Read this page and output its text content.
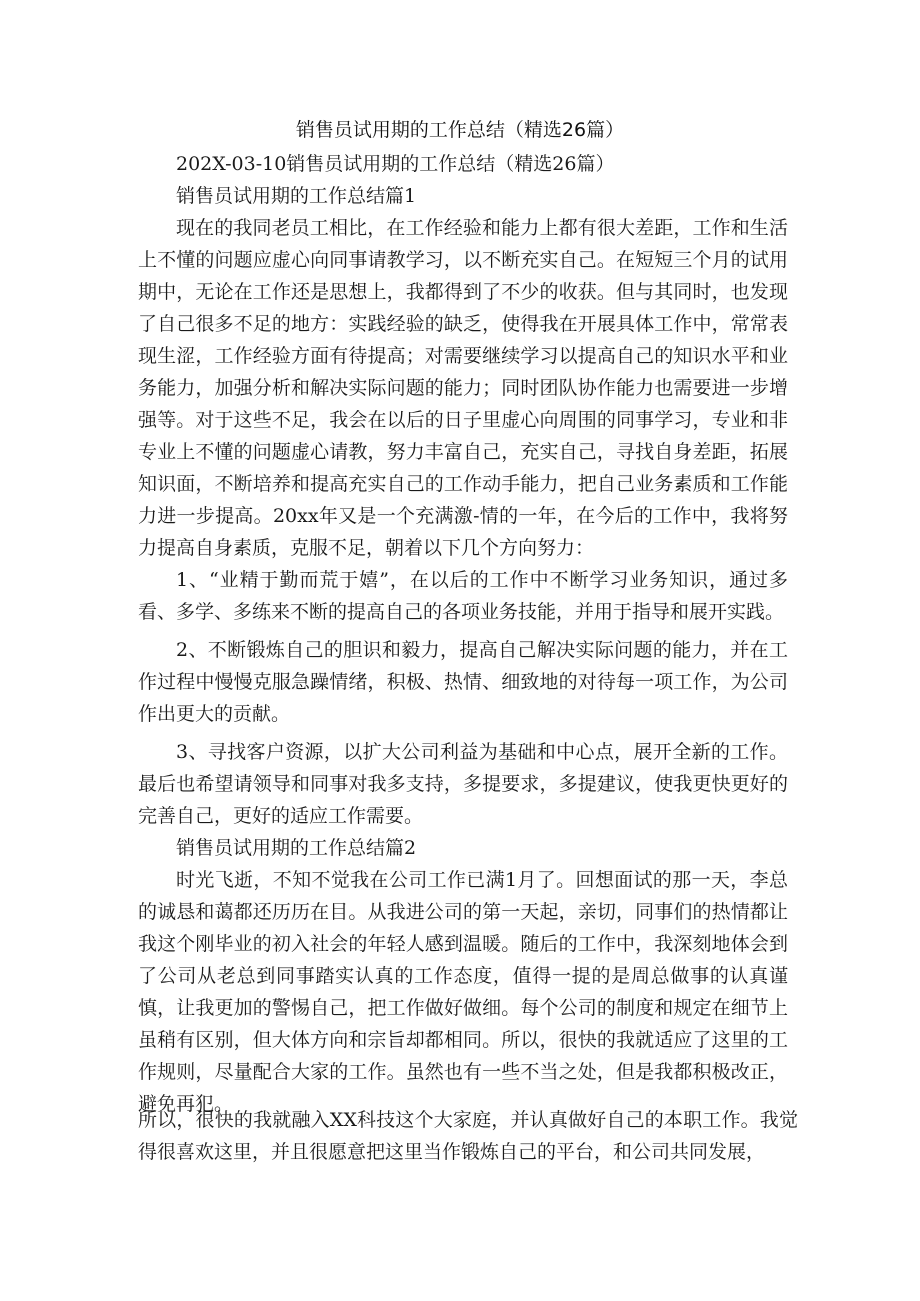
销售员试用期的工作总结（精选26篇）
202X-03-10销售员试用期的工作总结（精选26篇）
销售员试用期的工作总结篇1

现在的我同老员工相比，在工作经验和能力上都有很大差距，工作和生活上不懂的问题应虚心向同事请教学习，以不断充实自己。在短短三个月的试用期中，无论在工作还是思想上，我都得到了不少的收获。但与其同时，也发现了自己很多不足的地方：实践经验的缺乏，使得我在开展具体工作中，常常表现生涩，工作经验方面有待提高；对需要继续学习以提高自己的知识水平和业务能力，加强分析和解决实际问题的能力；同时团队协作能力也需要进一步增强等。对于这些不足，我会在以后的日子里虚心向周围的同事学习，专业和非专业上不懂的问题虚心请教，努力丰富自己，充实自己，寻找自身差距，拓展知识面，不断培养和提高充实自己的工作动手能力，把自己业务素质和工作能力进一步提高。20xx年又是一个充满激-情的一年，在今后的工作中，我将努力提高自身素质，克服不足，朝着以下几个方向努力：

1、“业精于勤而荒于嬉”，在以后的工作中不断学习业务知识，通过多看、多学、多练来不断的提高自己的各项业务技能，并用于指导和展开实践。

2、不断锻炼自己的胆识和毅力，提高自己解决实际问题的能力，并在工作过程中慢慢克服急躁情绪，积极、热情、细致地的对待每一项工作，为公司作出更大的贡献。

3、寻找客户资源，以扩大公司利益为基础和中心点，展开全新的工作。最后也希望请领导和同事对我多支持，多提要求，多提建议，使我更快更好的完善自己，更好的适应工作需要。

销售员试用期的工作总结篇2

时光飞逝，不知不觉我在公司工作已满1月了。回想面试的那一天，李总的诚恳和蔼都还历历在目。从我进公司的第一天起，亲切，同事们的热情都让我这个刚毕业的初入社会的年轻人感到温暖。随后的工作中，我深刻地体会到了公司从老总到同事踏实认真的工作态度，值得一提的是周总做事的认真谨慎，让我更加的警惕自己，把工作做好做细。每个公司的制度和规定在细节上虽稍有区别，但大体方向和宗旨却都相同。所以，很快的我就适应了这里的工作规则，尽量配合大家的工作。虽然也有一些不当之处，但是我都积极改正，避免再犯。

所以，很快的我就融入XX科技这个大家庭，并认真做好自己的本职工作。我觉得很喜欢这里，并且很愿意把这里当作锻炼自己的平台，和公司共同发展，
